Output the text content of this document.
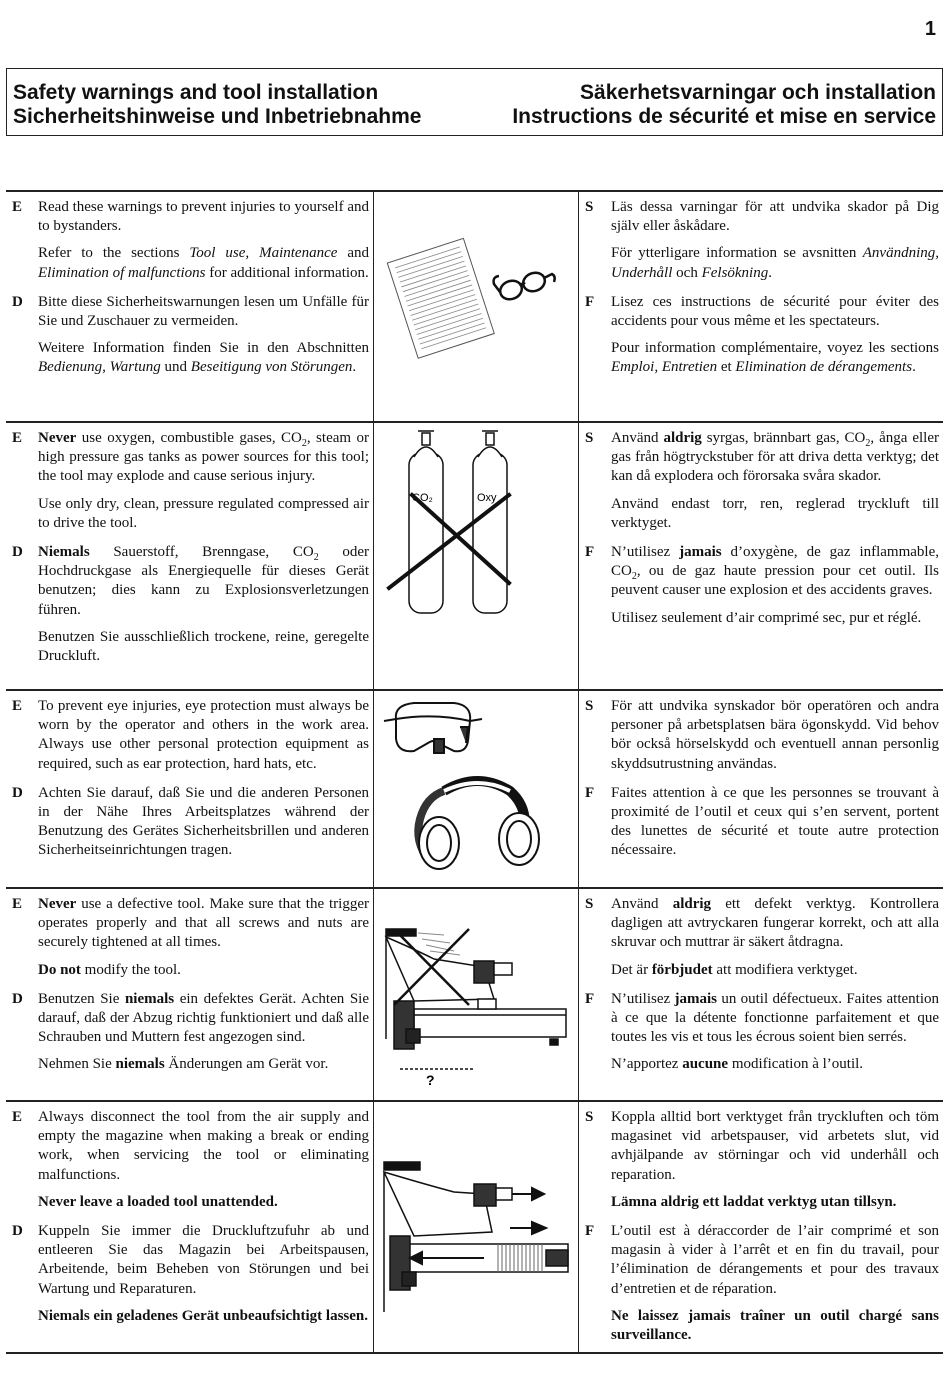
1
Safety warnings and tool installation
Sicherheitshinweise und Inbetriebnahme
Säkerhetsvarningar och installation
Instructions de sécurité et mise en service
E	Read these warnings to prevent injuries to yourself and to bystanders.

Refer to the sections Tool use, Maintenance and Elimination of malfunctions for additional information.

D	Bitte diese Sicherheitswarnungen lesen um Unfälle für Sie und Zuschauer zu vermeiden.

Weitere Information finden Sie in den Abschnitten Bedienung, Wartung und Beseitigung von Störungen.

S	Läs dessa varningar för att undvika skador på Dig själv eller åskådare.

För ytterligare information se avsnitten Användning, Underhåll och Felsökning.

F	Lisez ces instructions de sécurité pour éviter des accidents pour vous même et les spectateurs.

Pour information complémentaire, voyez les sections Emploi, Entretien et Elimination de dérangements.

E	Never use oxygen, combustible gases, $CO_2$, steam or high pressure gas tanks as power sources for this tool; the tool may explode and cause serious injury.

Use only dry, clean, pressure regulated compressed air to drive the tool.

D	Niemals Sauerstoff, Brenngase, $CO_2$ oder Hochdruckgase als Energiequelle für dieses Gerät benutzen; dies kann zu Explosionsverletzungen führen.

Benutzen Sie ausschließlich trockene, reine, geregelte Druckluft.

CO₂	Oxy
S	Använd aldrig syrgas, brännbart gas, $CO_2$, ånga eller gas från högtryckstuber för att driva detta verktyg; det kan då explodera och förorsaka svåra skador.

Använd endast torr, ren, reglerad tryckluft till verktyget.

F	N’utilisez jamais d’oxygène, de gaz inflammable, $CO_2$, ou de gaz haute pression pour cet outil. Ils peuvent causer une explosion et des accidents graves.

Utilisez seulement d’air comprimé sec, pur et réglé.

E	To prevent eye injuries, eye protection must always be worn by the operator and others in the work area. Always use other personal protection equipment as required, such as ear protection, hard hats, etc.

D	Achten Sie darauf, daß Sie und die anderen Personen in der Nähe Ihres Arbeitsplatzes während der Benutzung des Gerätes Sicherheitsbrillen und anderen Sicherheitseinrichtungen tragen.

S	För att undvika synskador bör operatören och andra personer på arbetsplatsen bära ögonskydd. Vid behov bör också hörselskydd och eventuell annan personlig skyddsutrustning användas.

F	Faites attention à ce que les personnes se trouvant à proximité de l’outil et ceux qui s’en servent, portent des lunettes de sécurité et toute autre protection nécessaire.

E	Never use a defective tool. Make sure that the trigger operates properly and that all screws and nuts are securely tightened at all times.

Do not modify the tool.

D	Benutzen Sie niemals ein defektes Gerät. Achten Sie darauf, daß der Abzug richtig funktioniert und daß alle Schrauben und Muttern fest angezogen sind.

Nehmen Sie niemals Änderungen am Gerät vor.

?
S	Använd aldrig ett defekt verktyg. Kontrollera dagligen att avtryckaren fungerar korrekt, och att alla skruvar och muttrar är säkert åtdragna.

Det är förbjudet att modifiera verktyget.

F	N’utilisez jamais un outil défectueux. Faites attention à ce que la détente fonctionne parfaitement et que toutes les vis et tous les écrous soient bien serrés.

N’apportez aucune modification à l’outil.

E	Always disconnect the tool from the air supply and empty the magazine when making a break or ending work, when servicing the tool or eliminating malfunctions.

Never leave a loaded tool unattended.

D	Kuppeln Sie immer die Druckluftzufuhr ab und entleeren Sie das Magazin bei Arbeitspausen, Arbeitende, beim Beheben von Störungen und bei Wartung und Reparaturen.

Niemals ein geladenes Gerät unbeaufsichtigt lassen.

S	Koppla alltid bort verktyget från tryckluften och töm magasinet vid arbetspauser, vid arbetets slut, vid avhjälpande av störningar och vid underhåll och reparation.

Lämna aldrig ett laddat verktyg utan tillsyn.

F	L’outil est à déraccorder de l’air comprimé et son magasin à vider à l’arrêt et en fin du travail, pour l’élimination de dérangements et pour des travaux d’entretien et de réparation.

Ne laissez jamais traîner un outil chargé sans surveillance.
